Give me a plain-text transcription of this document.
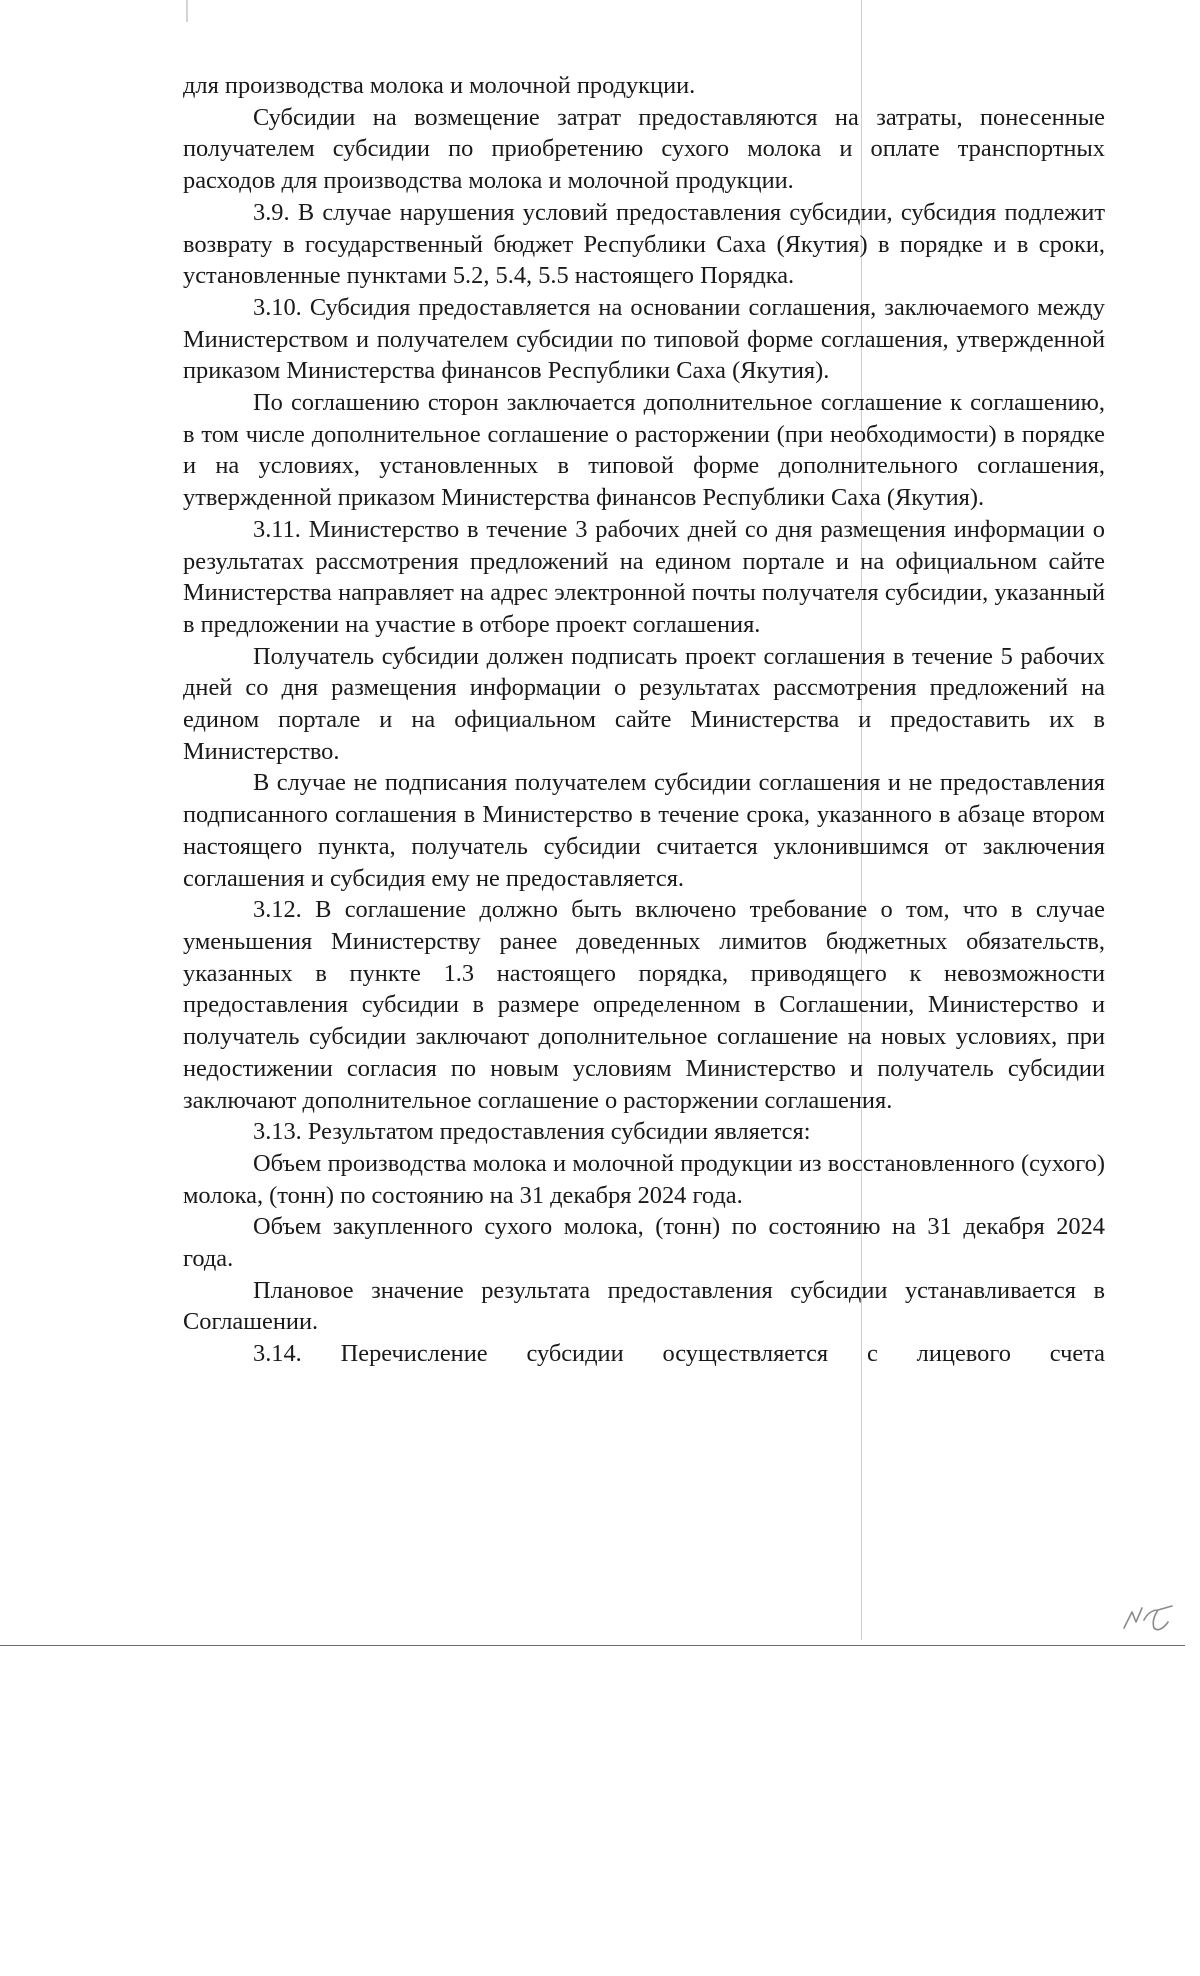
для производства молока и молочной продукции.

Субсидии на возмещение затрат предоставляются на затраты, понесенные получателем субсидии по приобретению сухого молока и оплате транспортных расходов для производства молока и молочной продукции.

3.9. В случае нарушения условий предоставления субсидии, субсидия подлежит возврату в государственный бюджет Республики Саха (Якутия) в порядке и в сроки, установленные пунктами 5.2, 5.4, 5.5 настоящего Порядка.

3.10. Субсидия предоставляется на основании соглашения, заключаемого между Министерством и получателем субсидии по типовой форме соглашения, утвержденной приказом Министерства финансов Республики Саха (Якутия).

По соглашению сторон заключается дополнительное соглашение к соглашению, в том числе дополнительное соглашение о расторжении (при необходимости) в порядке и на условиях, установленных в типовой форме дополнительного соглашения, утвержденной приказом Министерства финансов Республики Саха (Якутия).

3.11. Министерство в течение 3 рабочих дней со дня размещения информации о результатах рассмотрения предложений на едином портале и на официальном сайте Министерства направляет на адрес электронной почты получателя субсидии, указанный в предложении на участие в отборе проект соглашения.

Получатель субсидии должен подписать проект соглашения в течение 5 рабочих дней со дня размещения информации о результатах рассмотрения предложений на едином портале и на официальном сайте Министерства и предоставить их в Министерство.

В случае не подписания получателем субсидии соглашения и не предоставления подписанного соглашения в Министерство в течение срока, указанного в абзаце втором настоящего пункта, получатель субсидии считается уклонившимся от заключения соглашения и субсидия ему не предоставляется.

3.12. В соглашение должно быть включено требование о том, что в случае уменьшения Министерству ранее доведенных лимитов бюджетных обязательств, указанных в пункте 1.3 настоящего порядка, приводящего к невозможности предоставления субсидии в размере определенном в Соглашении, Министерство и получатель субсидии заключают дополнительное соглашение на новых условиях, при недостижении согласия по новым условиям Министерство и получатель субсидии заключают дополнительное соглашение о расторжении соглашения.

3.13. Результатом предоставления субсидии является:

Объем производства молока и молочной продукции из восстановленного (сухого) молока, (тонн) по состоянию на 31 декабря 2024 года.

Объем закупленного сухого молока, (тонн) по состоянию на 31 декабря 2024 года.

Плановое значение результата предоставления субсидии устанавливается в Соглашении.

3.14. Перечисление субсидии осуществляется с лицевого счета
